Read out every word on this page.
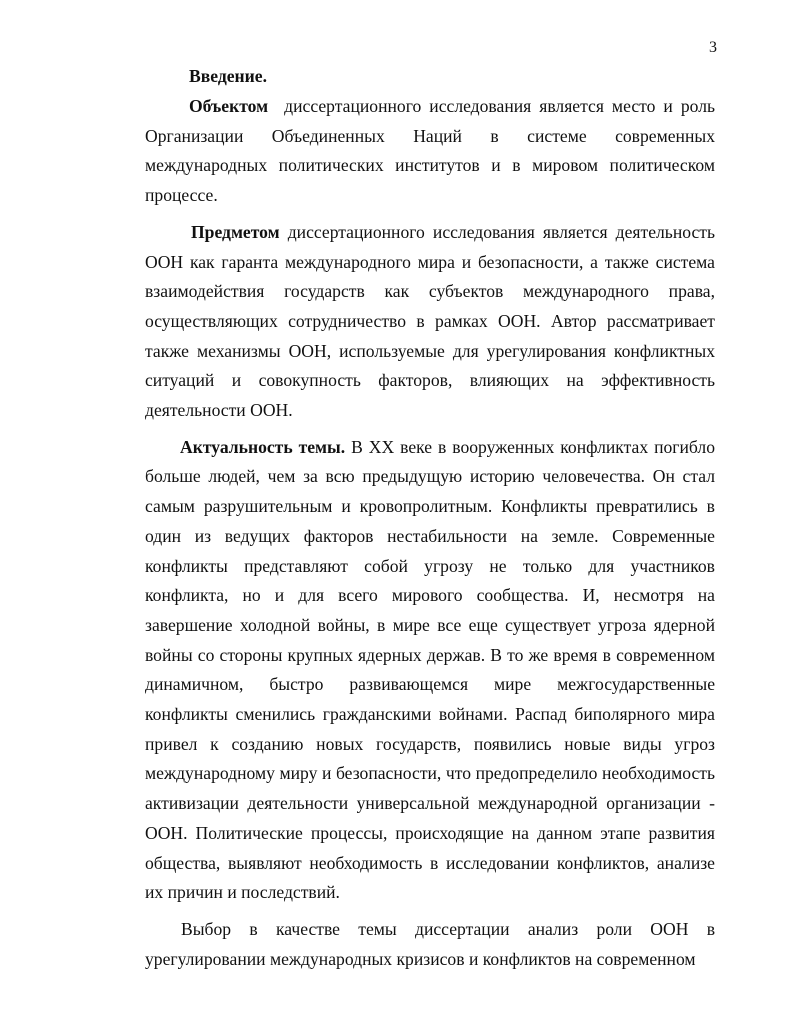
3
Введение.

Объектом диссертационного исследования является место и роль Организации Объединенных Наций в системе современных международных политических институтов и в мировом политическом процессе.

Предметом диссертационного исследования является деятельность ООН как гаранта международного мира и безопасности, а также система взаимодействия государств как субъектов международного права, осуществляющих сотрудничество в рамках ООН. Автор рассматривает также механизмы ООН, используемые для урегулирования конфликтных ситуаций и совокупность факторов, влияющих на эффективность деятельности ООН.

Актуальность темы. В XX веке в вооруженных конфликтах погибло больше людей, чем за всю предыдущую историю человечества. Он стал самым разрушительным и кровопролитным. Конфликты превратились в один из ведущих факторов нестабильности на земле. Современные конфликты представляют собой угрозу не только для участников конфликта, но и для всего мирового сообщества. И, несмотря на завершение холодной войны, в мире все еще существует угроза ядерной войны со стороны крупных ядерных держав. В то же время в современном динамичном, быстро развивающемся мире межгосударственные конфликты сменились гражданскими войнами. Распад биполярного мира привел к созданию новых государств, появились новые виды угроз международному миру и безопасности, что предопределило необходимость активизации деятельности универсальной международной организации - ООН. Политические процессы, происходящие на данном этапе развития общества, выявляют необходимость в исследовании конфликтов, анализе их причин и последствий.

Выбор в качестве темы диссертации анализ роли ООН в урегулировании международных кризисов и конфликтов на современном
